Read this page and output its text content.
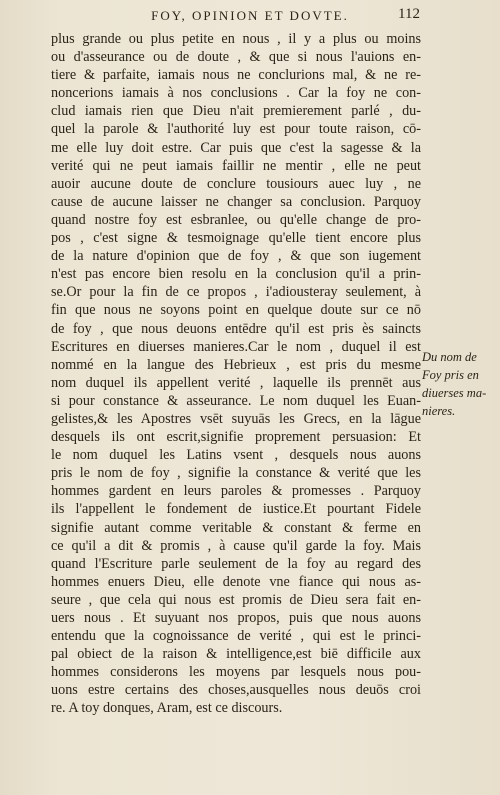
FOY, OPINION ET DOVTE.	112
plus grande ou plus petite en nous , il y a plus ou moins
ou d'asseurance ou de doute , & que si nous l'auions en-
tiere & parfaite, iamais nous ne conclurions mal, & ne re-
noncerions iamais à nos conclusions . Car la foy ne con-
clud iamais rien que Dieu n'ait premierement parlé , du-
quel la parole & l'authorité luy est pour toute raison, cō-
me elle luy doit estre. Car puis que c'est la sagesse & la
verité qui ne peut iamais faillir ne mentir , elle ne peut
auoir aucune doute de conclure tousiours auec luy , ne
cause de aucune laisser ne changer sa conclusion. Parquoy
quand nostre foy est esbranlee, ou qu'elle change de pro-
pos , c'est signe & tesmoignage qu'elle tient encore plus
de la nature d'opinion que de foy , & que son iugement
n'est pas encore bien resolu en la conclusion qu'il a prin-
se.Or pour la fin de ce propos , i'adiousteray seulement, à
fin que nous ne soyons point en quelque doute sur ce nō
de foy , que nous deuons entēdre qu'il est pris ès saincts
Escritures en diuerses manieres.Car le nom , duquel il est
nommé en la langue des Hebrieux , est pris du mesme
nom duquel ils appellent verité , laquelle ils prennēt aus
si pour constance & asseurance. Le nom duquel les Euan-
gelistes,& les Apostres vsēt suyuās les Grecs, en la lāgue
desquels ils ont escrit,signifie proprement persuasion: Et
le nom duquel les Latins vsent , desquels nous auons
pris le nom de foy , signifie la constance & verité que les
hommes gardent en leurs paroles & promesses . Parquoy
ils l'appellent le fondement de iustice.Et pourtant Fidele
signifie autant comme veritable & constant & ferme en
ce qu'il a dit & promis , à cause qu'il garde la foy. Mais
quand l'Escriture parle seulement de la foy au regard des
hommes enuers Dieu, elle denote vne fiance qui nous as-
seure , que cela qui nous est promis de Dieu sera fait en-
uers nous . Et suyuant nos propos, puis que nous auons
entendu que la cognoissance de verité , qui est le princi-
pal obiect de la raison & intelligence,est biē difficile aux
hommes considerons les moyens par lesquels nous pou-
uons estre certains des choses,ausquelles nous deuōs croi
re. A toy donques, Aram, est ce discours.
Du nom de
Foy pris en
diuerses ma-
nieres.
